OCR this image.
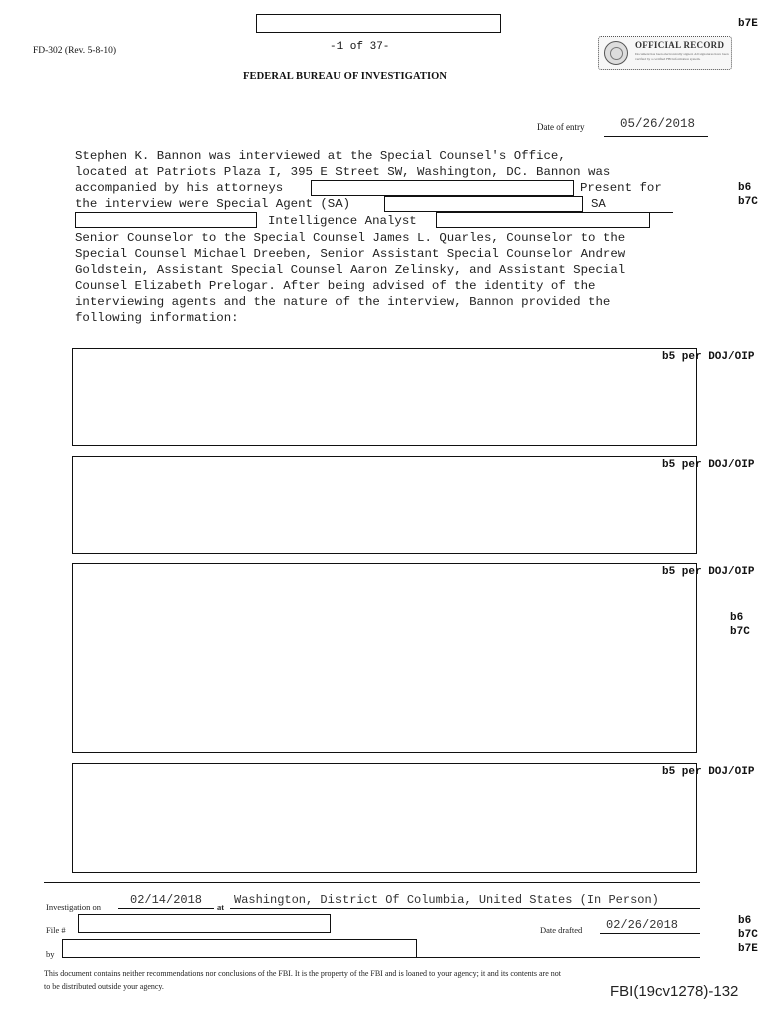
b7E
FD-302 (Rev. 5-8-10)	-1 of 37-
FEDERAL BUREAU OF INVESTIGATION
OFFICIAL RECORD
Document has been electronically signed. All signatures have been verified by a certified FBI information system.
Date of entry	05/26/2018
Stephen K. Bannon was interviewed at the Special Counsel's Office,
located at Patriots Plaza I, 395 E Street SW, Washington, DC. Bannon was
accompanied by his attorneys	Present for
the interview were Special Agent (SA)	SA
Intelligence Analyst
Senior Counselor to the Special Counsel James L. Quarles, Counselor to the
Special Counsel Michael Dreeben, Senior Assistant Special Counselor Andrew
Goldstein, Assistant Special Counsel Aaron Zelinsky, and Assistant Special
Counsel Elizabeth Prelogar. After being advised of the identity of the
interviewing agents and the nature of the interview, Bannon provided the
following information:
b6
b7C
b5 per DOJ/OIP
b5 per DOJ/OIP
b5 per DOJ/OIP
b6
b7C
b5 per DOJ/OIP
Investigation on 02/14/2018 at Washington, District Of Columbia, United States (In Person)
File #	Date drafted 02/26/2018
by
b6
b7C
b7E
This document contains neither recommendations nor conclusions of the FBI. It is the property of the FBI and is loaned to your agency; it and its contents are not
to be distributed outside your agency.	FBI(19cv1278)-132
